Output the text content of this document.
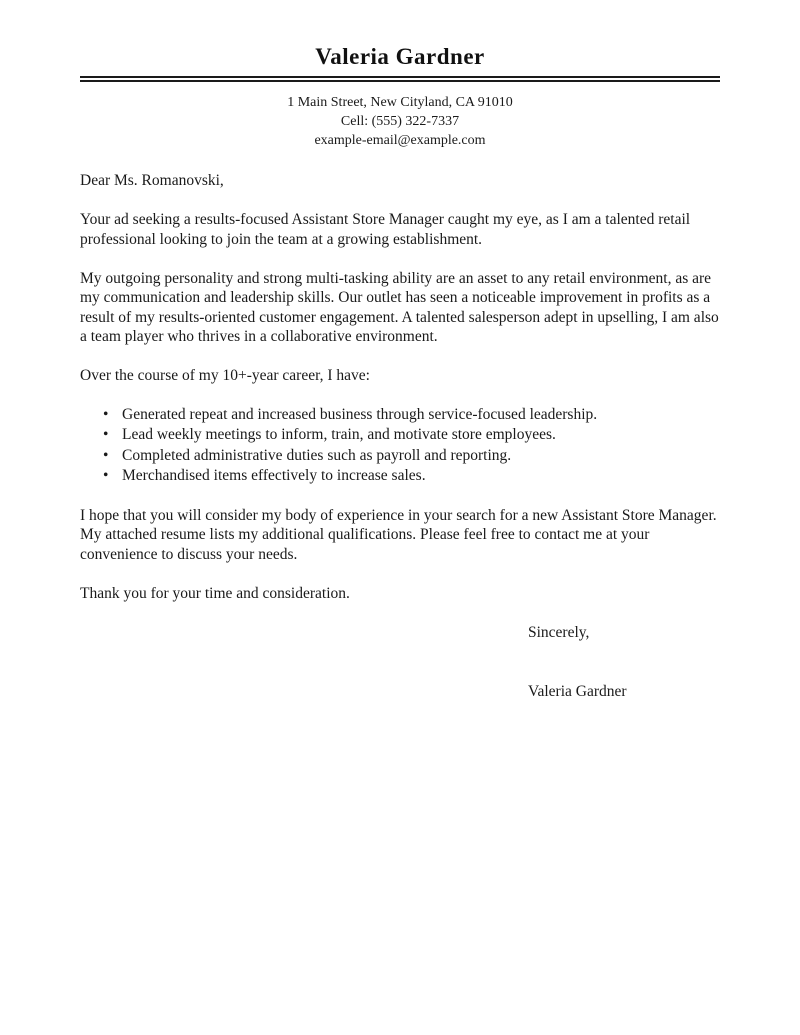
Valeria Gardner
1 Main Street, New Cityland, CA 91010
Cell: (555) 322-7337
example-email@example.com

Dear Ms. Romanovski,

Your ad seeking a results-focused Assistant Store Manager caught my eye, as I am a talented retail professional looking to join the team at a growing establishment.

My outgoing personality and strong multi-tasking ability are an asset to any retail environment, as are my communication and leadership skills. Our outlet has seen a noticeable improvement in profits as a result of my results-oriented customer engagement. A talented salesperson adept in upselling, I am also a team player who thrives in a collaborative environment.

Over the course of my 10+-year career, I have:

• Generated repeat and increased business through service-focused leadership.
• Lead weekly meetings to inform, train, and motivate store employees.
• Completed administrative duties such as payroll and reporting.
• Merchandised items effectively to increase sales.

I hope that you will consider my body of experience in your search for a new Assistant Store Manager. My attached resume lists my additional qualifications. Please feel free to contact me at your convenience to discuss your needs.

Thank you for your time and consideration.

Sincerely,

Valeria Gardner
